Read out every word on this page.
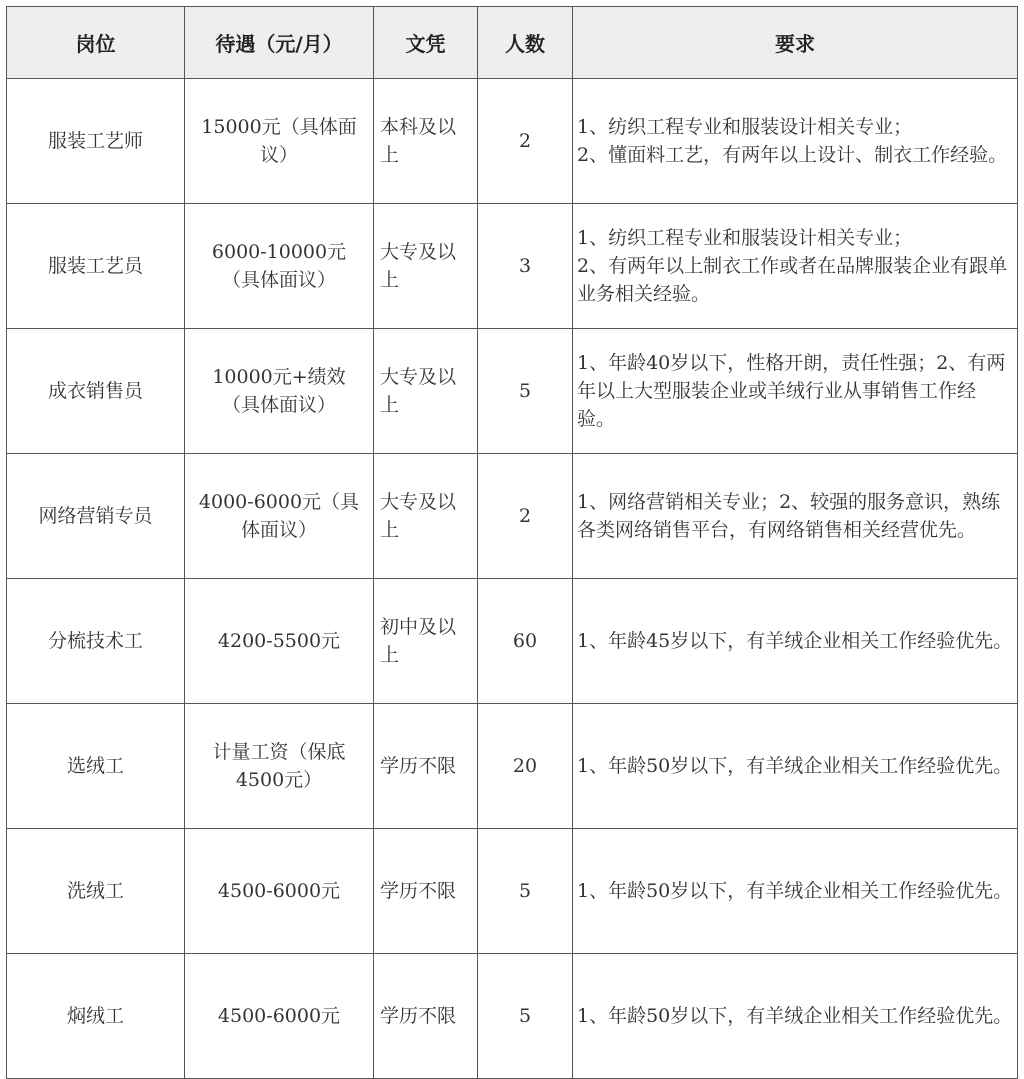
岗位	待遇（元/月）	文凭	人数	要求
服装工艺师	15000元（具体面议）	本科及以上	2	1、纺织工程专业和服装设计相关专业；
2、懂面料工艺，有两年以上设计、制衣工作经验。
服装工艺员	6000-10000元（具体面议）	大专及以上	3	1、纺织工程专业和服装设计相关专业；
2、有两年以上制衣工作或者在品牌服装企业有跟单业务相关经验。
成衣销售员	10000元+绩效（具体面议）	大专及以上	5	1、年龄40岁以下，性格开朗，责任性强；2、有两年以上大型服装企业或羊绒行业从事销售工作经验。
网络营销专员	4000-6000元（具体面议）	大专及以上	2	1、网络营销相关专业；2、较强的服务意识，熟练各类网络销售平台，有网络销售相关经营优先。
分梳技术工	4200-5500元	初中及以上	60	1、年龄45岁以下，有羊绒企业相关工作经验优先。
选绒工	计量工资（保底4500元）	学历不限	20	1、年龄50岁以下，有羊绒企业相关工作经验优先。
洗绒工	4500-6000元	学历不限	5	1、年龄50岁以下，有羊绒企业相关工作经验优先。
焖绒工	4500-6000元	学历不限	5	1、年龄50岁以下，有羊绒企业相关工作经验优先。
